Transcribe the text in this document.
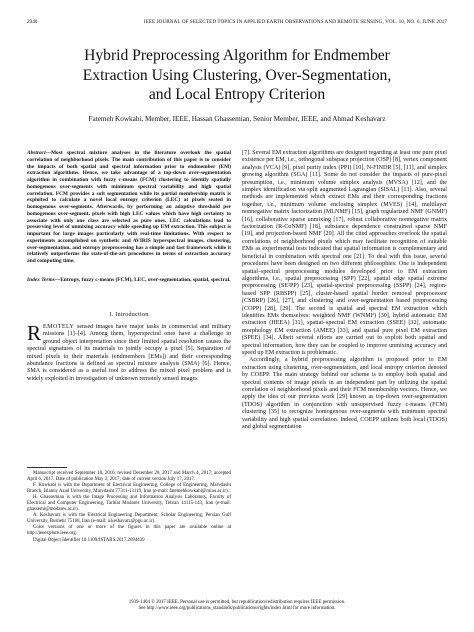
2940	IEEE JOURNAL OF SELECTED TOPICS IN APPLIED EARTH OBSERVATIONS AND REMOTE SENSING, VOL. 10, NO. 6, JUNE 2017
Hybrid Preprocessing Algorithm for Endmember
Extraction Using Clustering, Over-Segmentation,
and Local Entropy Criterion
Fatemeh Kowkabi, Member, IEEE, Hassan Ghassemian, Senior Member, IEEE, and Ahmad Keshavarz
Abstract—Most spectral mixture analyses in the literature overlook the spatial correlation of neighborhood pixels. The main contribution of this paper is to consider the impacts of both spatial and spectral information prior to endmember (EM) extraction algorithms. Hence, we take advantage of a top-down over-segmentation algorithm in combination with fuzzy c-means (FCM) clustering to identify spatially homogenous over-segments with minimum spectral variability and high spatial correlation. FCM provides a soft segmentation while its partial membership matrix is exploited to calculate a novel local entropy criterion (LEC) at pixels seated in homogenous over-segments. Afterwards, by performing an adaptive threshold per homogenous over-segment, pixels with high LEC values which have high certainty to associate with only one class are selected as pure ones. LEC calculations lead to preserving level of unmixing accuracy while speeding up EM extraction. This subject is important for large images particularly with real-time limitations. With respect to experiments accomplished on synthetic and AVIRIS hyperspectral images, clustering, over-segmentation, and entropy preprocessing has a simple and fast framework while it relatively outperforms the state-of-the-art procedures in terms of extraction accuracy and computing time.
Index Terms—Entropy, fuzzy c-means (FCM), LEC, over-segmentation, spatial, spectral.
I. Introduction
REMOTELY sensed images have major tasks in commercial and military missions [1]–[4]. Among them, hyperspectral ones have a challenge in ground object interpretation since their limited spatial resolution causes the spectral signatures of its materials to jointly occupy a pixel [5]. Separation of mixed pixels to their materials (endmembers [EMs]) and their corresponding abundance fractions is defined as spectral mixture analysis (SMA) [6]. Hence, SMA is considered as a useful tool to address the mixed pixel problem and is widely exploited in investigation of unknown remotely sensed images

Manuscript received September 18, 2016; revised December 28, 2017 and March 4, 2017; accepted April 6, 2017. Date of publication May 2, 2017; date of current version July 17, 2017.

F. Kowkabi is with the Department of Electrical Engineering, College of Engineering, Marvdasht Branch, Islamic Azad University, Marvdasht 77311-13119, Iran (e-mail: fatemehkowkabi@miau.ac.ir).

H. Ghassemian is with the Image Processing and Information Analysis Laboratory, Faculty of Electrical and Computer Engineering, Tarbiat Modares University, Tehran 14115-143, Iran (e-mail: ghassemi@modares.ac.ir).

A. Keshavarz is with the Electrical Engineering Department, Scholar Engineering, Persian Gulf University, Bushehr 75168, Iran (e-mail: a.keshavarz@pgu.ac.ir).

Color versions of one or more of the figures in this paper are available online at http://ieeexplore.ieee.org.

Digital Object Identifier 10.1109/JSTARS.2017.2694439

[7]. Several EM extraction algorithms are designed regarding at least one pure pixel existence per EM, i.e., orthogonal subspace projection (OSP) [8], vertex component analysis (VCA) [9], pixel purity index (PPI) [10], N-FINDR [5], [11], and simplex growing algorithm (SGA) [11]. Some do not consider the impacts of pure-pixel presumption, i.e., minimum volume simplex analysis (MVSA) [12], and the simplex identification via split augmented Lagrangian (SISAL) [13]. Also, several methods are implemented which extract EMs and their corresponding fractions together, i.e., minimum volume enclosing simplex (MVES) [14], multilayer nonnegative matrix factorization (MLNMF) [15], graph regularized NMF (GNMF) [16], collaborative sparse unmixing [17], robust collaborative nonnegative matrix factorization (R-CoNMF) [18], substance dependence constrained sparse NMF [19], and projection-based NMF [20]. All the cited approaches overlook the spatial correlations of neighborhood pixels which may facilitate recognition of suitable EMs as experimental tests indicated that spatial information is complementary and beneficial in combination with spectral one [21]. To deal with this issue, several procedures have been designed on two different philosophies: One is independent spatial–spectral preprocessing modules developed prior to EM extraction algorithms, i.e., spatial preprocessing (SPP) [22], spatial edge spatial extreme preprocessing (SE²PP) [23], spatial-spectral preprocessing (SSPP) [24], region-based SPP (RBSPP) [25], cluster-based spatial border removal preprocessor (CSBRP) [26], [27], and clustering and over-segmentation based preprocessing (COPP) [28], [29]. The second is spatial and spectral EM extraction which identifies EMs themselves: weighted NMF (WNMF) [30], hybrid automatic EM extraction (HEEA) [31], spatial–spectral EM extraction (SSEE) [32], automatic morphology EM extraction (AMEE) [33], and spatial pure pixel EM extraction (SPEE) [34]. Albeit several efforts are carried out to exploit both spatial and spectral information, how they can be coupled to improve unmixing accuracy and speed up EM extraction is problematic.

Accordingly, a hybrid preprocessing algorithm is proposed prior to EM extraction using clustering, over-segmentation, and local entropy criterion denoted by COEPP. The main strategy behind our scheme is to employ both spatial and spectral contents of image pixels in an independent part by utilizing the spatial correlation of neighborhood pixels and their FCM membership vectors. Hence, we apply the idea of our previous work [29] known as top-down over-segmentation (TDOS) algorithm in conjunction with unsupervised fuzzy c-means (FCM) clustering [35] to recognize homogenous over-segments with minimum spectral variability and high spatial correlation. Indeed, COEPP utilizes both local (TDOS) and global segmentation

1939-1404 © 2017 IEEE. Personal use is permitted, but republication/redistribution requires IEEE permission.
See http://www.ieee.org/publications_standards/publications/rights/index.html for more information.
